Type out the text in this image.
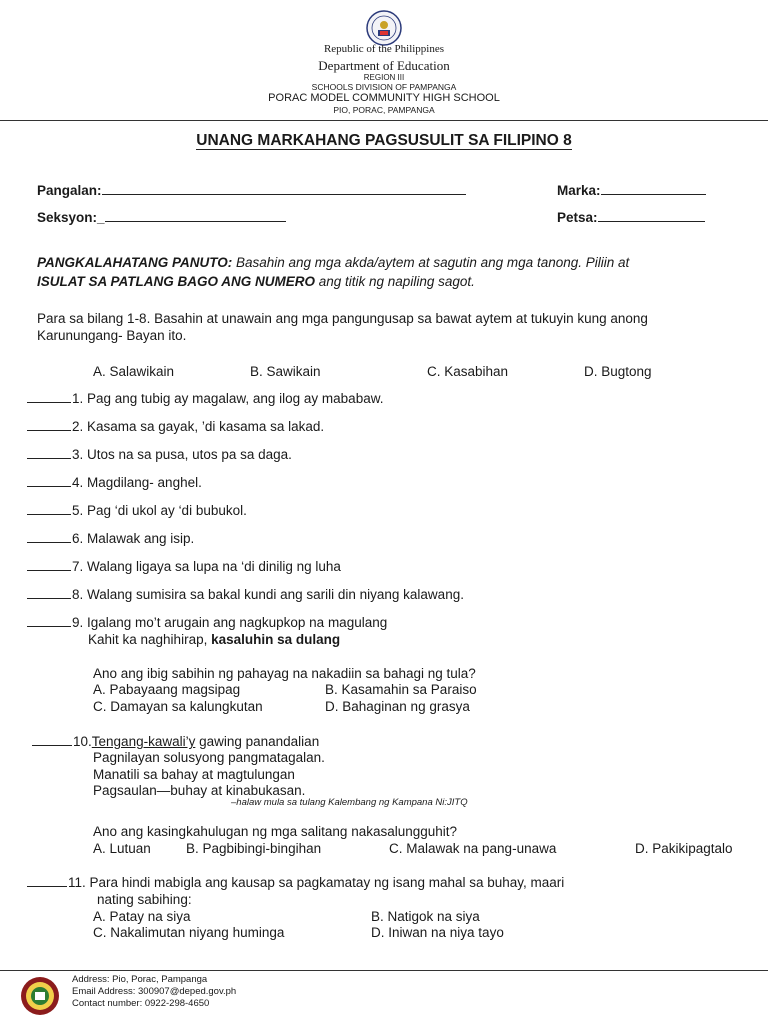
Republic of the Philippines
Department of Education
REGION III
SCHOOLS DIVISION OF PAMPANGA
PORAC MODEL COMMUNITY HIGH SCHOOL
PIO, PORAC, PAMPANGA
UNANG MARKAHANG PAGSUSULIT SA FILIPINO 8
Pangalan:	Marka:
Seksyon:_	Petsa:
PANGKALAHATANG PANUTO: Basahin ang mga akda/aytem at sagutin ang mga tanong. Piliin at
ISULAT SA PATLANG BAGO ANG NUMERO ang titik ng napiling sagot.
Para sa bilang 1-8. Basahin at unawain ang mga pangungusap sa bawat aytem at tukuyin kung anong
Karunungang- Bayan ito.
A. Salawikain	B. Sawikain	C. Kasabihan	D. Bugtong
1. Pag ang tubig ay magalaw, ang ilog ay mababaw.
2. Kasama sa gayak, ’di kasama sa lakad.
3. Utos na sa pusa, utos pa sa daga.
4. Magdilang- anghel.
5. Pag ‘di ukol ay ‘di bubukol.
6. Malawak ang isip.
7. Walang ligaya sa lupa na ‘di dinilig ng luha
8. Walang sumisira sa bakal kundi ang sarili din niyang kalawang.
9. Igalang mo’t arugain ang nagkupkop na magulang
Kahit ka naghihirap, kasaluhin sa dulang
Ano ang ibig sabihin ng pahayag na nakadiin sa bahagi ng tula?
A. Pabayaang magsipag	B. Kasamahin sa Paraiso
C. Damayan sa kalungkutan	D. Bahaginan ng grasya
10.Tengang-kawali’y gawing panandalian
Pagnilayan solusyong pangmatagalan.
Manatili sa bahay at magtulungan
Pagsaulan—buhay at kinabukasan.
–halaw mula sa tulang Kalembang ng Kampana Ni:JITQ
Ano ang kasingkahulugan ng mga salitang nakasalungguhit?
A. Lutuan	B. Pagbibingi-bingihan	C. Malawak na pang-unawa	D. Pakikipagtalo
11. Para hindi mabigla ang kausap sa pagkamatay ng isang mahal sa buhay, maari
nating sabihing:
A. Patay na siya	B. Natigok na siya
C. Nakalimutan niyang huminga	D. Iniwan na niya tayo
Address: Pio, Porac, Pampanga
Email Address: 300907@deped.gov.ph
Contact number: 0922-298-4650
